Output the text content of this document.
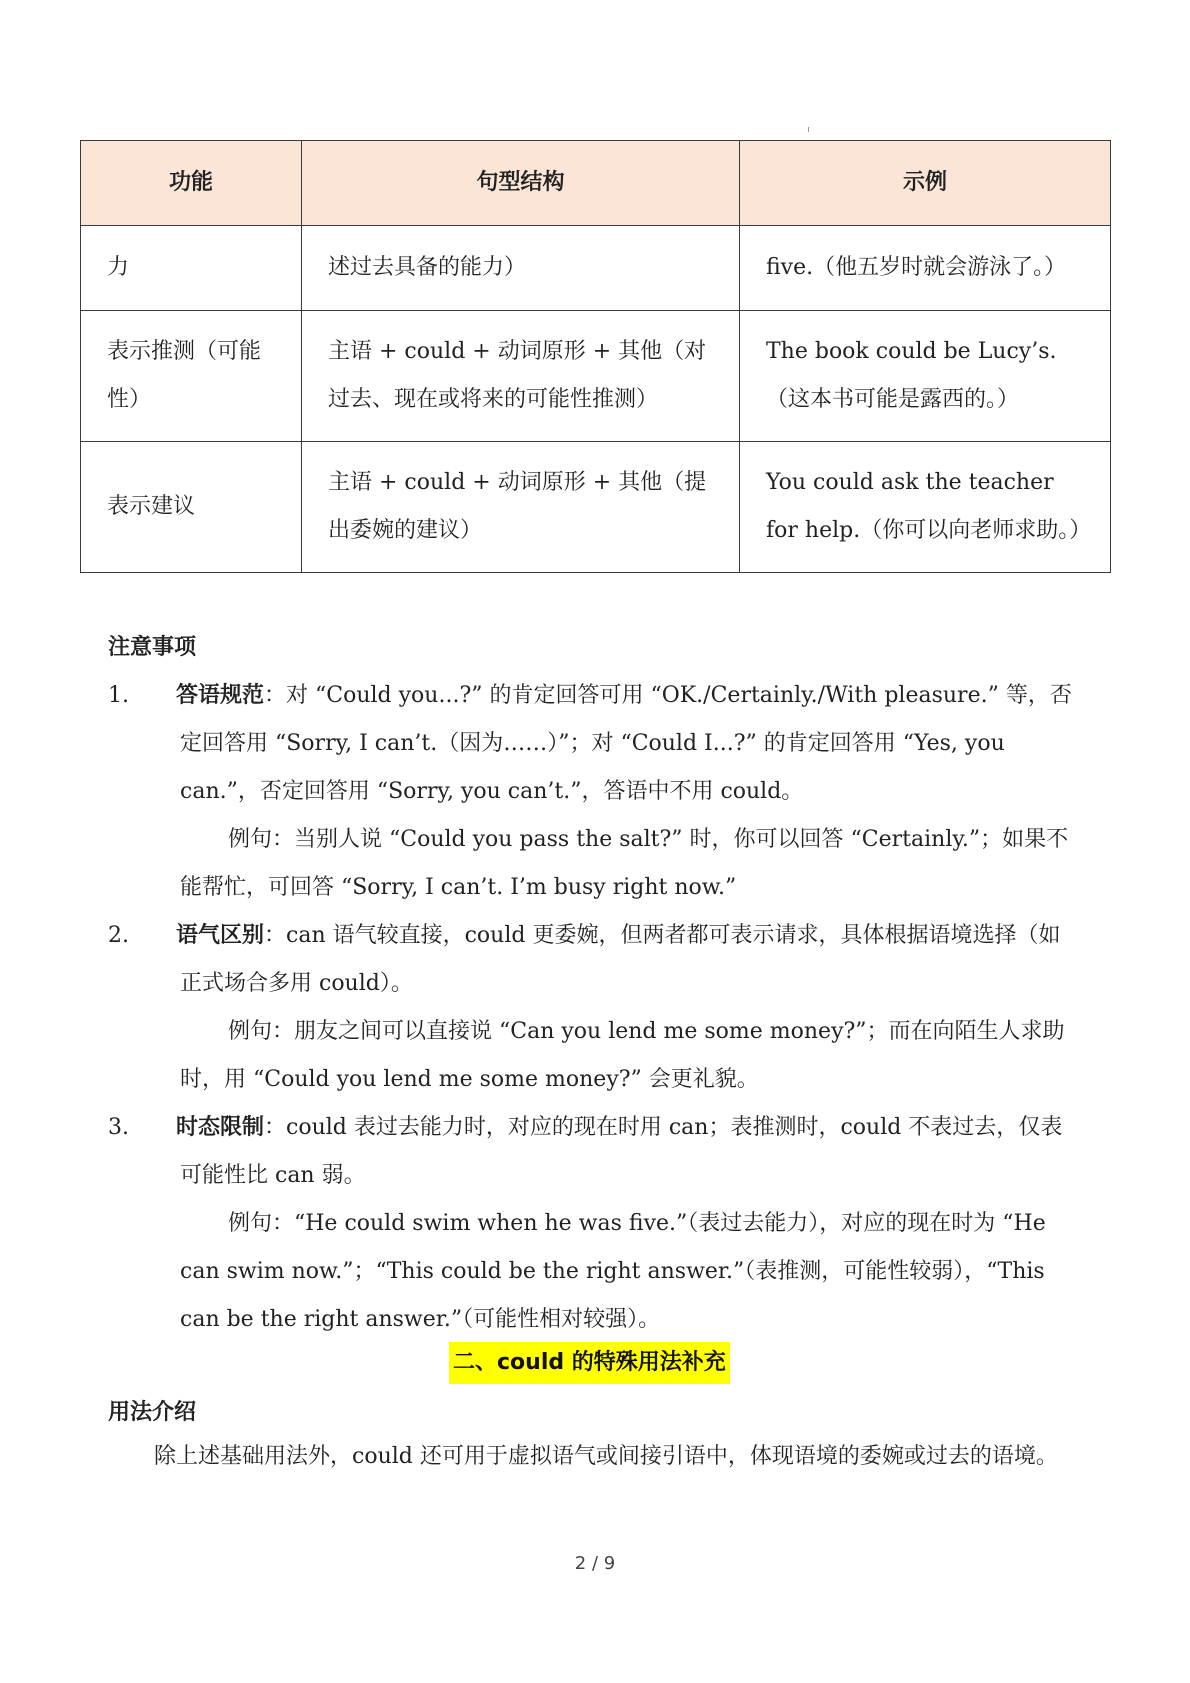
功能	句型结构	示例
力	述过去具备的能力）	five.（他五岁时就会游泳了。）
表示推测（可能性）	主语 + could + 动词原形 + 其他（对过去、现在或将来的可能性推测）	The book could be Lucy’s.（这本书可能是露西的。）
表示建议	主语 + could + 动词原形 + 其他（提出委婉的建议）	You could ask the teacher for help.（你可以向老师求助。）
注意事项
1. 答语规范：对 “Could you...?” 的肯定回答可用 “OK./Certainly./With pleasure.” 等，否定回答用 “Sorry, I can’t.（因为……）”；对 “Could I...?” 的肯定回答用 “Yes, you can.”，否定回答用 “Sorry, you can’t.”，答语中不用 could。
例句：当别人说 “Could you pass the salt?” 时，你可以回答 “Certainly.”；如果不能帮忙，可回答 “Sorry, I can’t. I’m busy right now.”
2. 语气区别：can 语气较直接，could 更委婉，但两者都可表示请求，具体根据语境选择（如正式场合多用 could）。
例句：朋友之间可以直接说 “Can you lend me some money?”；而在向陌生人求助时，用 “Could you lend me some money?” 会更礼貌。
3. 时态限制：could 表过去能力时，对应的现在时用 can；表推测时，could 不表过去，仅表可能性比 can 弱。
例句：“He could swim when he was five.”（表过去能力），对应的现在时为 “He can swim now.”；“This could be the right answer.”（表推测，可能性较弱），“This can be the right answer.”（可能性相对较强）。
二、could 的特殊用法补充
用法介绍
除上述基础用法外，could 还可用于虚拟语气或间接引语中，体现语境的委婉或过去的语境。
2 / 9
